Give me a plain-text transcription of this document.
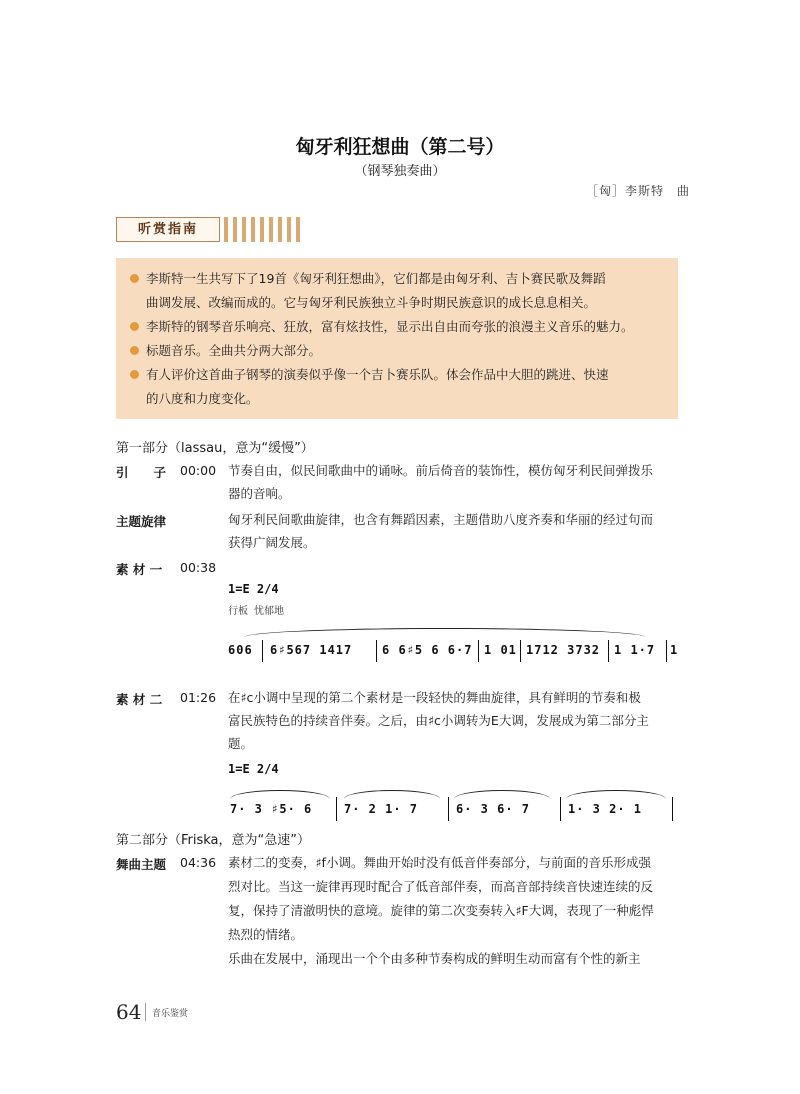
匈牙利狂想曲（第二号）
（钢琴独奏曲）
［匈］李斯特　曲
听赏指南
李斯特一生共写下了19首《匈牙利狂想曲》，它们都是由匈牙利、吉卜赛民歌及舞蹈
曲调发展、改编而成的。它与匈牙利民族独立斗争时期民族意识的成长息息相关。
李斯特的钢琴音乐响亮、狂放，富有炫技性，显示出自由而夸张的浪漫主义音乐的魅力。
标题音乐。全曲共分两大部分。
有人评价这首曲子钢琴的演奏似乎像一个吉卜赛乐队。体会作品中大胆的跳进、快速
的八度和力度变化。
第一部分（lassau，意为“缓慢”）
引　　子 00:00 节奏自由，似民间歌曲中的诵咏。前后倚音的装饰性，模仿匈牙利民间弹拨乐
器的音响。
主题旋律	匈牙利民间歌曲旋律，也含有舞蹈因素，主题借助八度齐奏和华丽的经过句而
获得广阔发展。
素 材 一 00:38
1=E 2/4
行板 忧郁地
606 6♯567 1417 6 6♯5 6 6·7 1 01 1712 3732 1 1·7 1
素 材 二 01:26 在♯c小调中呈现的第二个素材是一段轻快的舞曲旋律，具有鲜明的节奏和极
富民族特色的持续音伴奏。之后，由♯c小调转为E大调，发展成为第二部分主
题。
1=E 2/4
7· 3 ♯5· 6	7· 2 1· 7	6· 3 6· 7	1· 3 2· 1
第二部分（Friska，意为“急速”）
舞曲主题 04:36 素材二的变奏，♯f小调。舞曲开始时没有低音伴奏部分，与前面的音乐形成强
烈对比。当这一旋律再现时配合了低音部伴奏，而高音部持续音快速连续的反
复，保持了清澈明快的意境。旋律的第二次变奏转入♯F大调，表现了一种彪悍
热烈的情绪。
乐曲在发展中，涌现出一个个由多种节奏构成的鲜明生动而富有个性的新主
64 音乐鉴赏
